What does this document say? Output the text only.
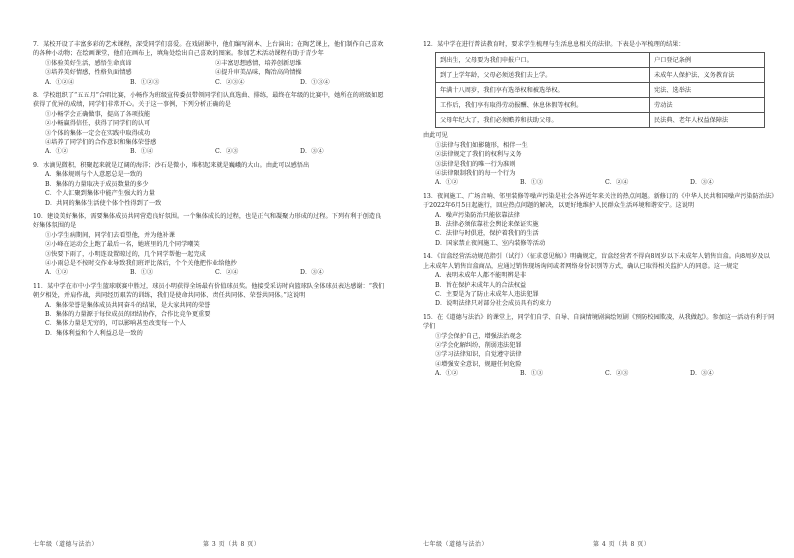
7．某校开设了丰富多彩的艺术课程，深受同学们喜爱。在戏剧课中，他们编写剧本、上台演出；在陶艺课上，他们制作自己喜欢的各种小动物；在绘画课堂，他们在画布上，填角处绘出自己喜欢的图案。参加艺术活动课程有助于青少年

①体验美好生活，感悟生命真谛	②丰富思想感情，培养创新思维
③培养美好情感，性格负面情感	④提升审美品味，陶冶高尚情操
A．①②④	B．①②③	C．②③④	D．①③④

8．学校组织了“五五月”合唱比赛，小畅作为班级宣传委员带领同学们认真选曲、排练，最终在年级的比赛中，她所在的班级如愿获得了优异的成绩，同学们非常开心。关于这一事例，下列分析正确的是

①小畅学会正确做事，提高了各项技能

②小畅赢得信任，获得了同学们的认可

③个体的集体一定会在实践中取得成功

④培养了同学们的合作意识和集体荣誉感

A．①②	B．①④	C．②③	D．③④

9．水滴见微积，积聚起来就是辽阔的海洋；沙石是微小，堆积起来就是巍峨的大山。由此可以感悟出

A．集体规则与个人意愿总是一致的

B．集体的力量取决于成员数量的多少

C．个人汇聚到集体中能产生强大的力量

D．共同的集体生活使个体个性得到了一致

10．建设美好集体，需要集体成员共同营造良好氛围。一个集体成长的过程，也是正气和凝聚力形成的过程。下列有利于创造良好集体氛围的是

①小学生病期间，同学们去看望他，并为他补课

②小峰在运动会上跑了最后一名，她班里的几个同学嘲笑

③快要下雨了，小明连设置晾过的，几个同学帮他一起完成

④小雨总是不按时交作业导致我们班评比落后，个个关他把作业给他抄

A．①②	B．①③	C．②④	D．③④

11．某中学在市中小学生篮球联赛中胜过，球员小明获得全场最有价值球员奖。他接受采访时向篮球队全体球员表达感谢：“我们朝夕相处，并肩作战，共同经历艰苦的训练，我们是使命共同体、责任共同体、荣誉共同体。”这说明

A．集体荣誉是集体成员共同奋斗的结果，是大家共同的荣誉

B．集体的力量源于每位成员的团结协作，合作比竞争更重要

C．集体力量是无穷的，可以影响甚至改变每一个人

D．集体利益和个人利益总是一致的

12．某中学在进行普法教育时，要求学生梳理与生活息息相关的法律。下表是小军梳理的结果：

到出生，父母要为我们申报户口。	户口登记条例
到了上学年龄，父母必须送我们去上学。	未成年人保护法、义务教育法
年满十八周岁，我们享有选举权和被选举权。	宪法、选举法
工作后，我们享有取得劳动报酬、休息休假等权利。	劳动法
父母年纪大了，我们必须赡养和扶助父母。	民法典、老年人权益保障法

由此可见

①法律与我们如影随形，相伴一生

②法律规定了我们的权利与义务

③法律是我们的唯一行为准则

④法律限制我们的每一个行为

A．①②	B．①③	C．②④	D．③④

13．夜间施工、广场音响、邻里装修等噪声污染是社会各界近年来关注的热点问题。新修订的《中华人民共和国噪声污染防治法》于2022年6月5日起施行，回应热点问题的解决，以更好地维护人民群众生活环境和谐安宁。这说明

A．噪声污染防治只能依靠法律

B．法律必须依靠社会舆论来保证实施

C．法律与时俱进，保护着我们的生活

D．国家禁止夜间施工、室内装修等活动

14．《盲盒经营活动规范指引（试行）（征求意见稿）》明确规定，盲盒经营者不得向8周岁以下未成年人销售盲盒。向8周岁及以上未成年人销售盲盒商品，应通过销售现场询问或者网络身份识别等方式，确认已取得相关监护人的同意。这一规定

A．表明未成年人都不能明辨是非

B．旨在保护未成年人的合法权益

C．主要是为了防止未成年人违法犯罪

D．说明法律只对部分社会成员具有约束力

15．在《道德与法治》的课堂上，同学们自学、自导、自演情境剧演绘短剧《预防校园欺凌，从我做起》。参加这一活动有利于同学们

①学会保护自己，增强法治观念

②学会化解纠纷，削弱违法犯罪

③学习法律知识，自觉遵守法律

④增强安全意识，规避任何危险

A．①②	B．①③	C．②③	D．③④
七年级（道德与法治）	第 3 页（共 8 页）	七年级（道德与法治）	第 4 页（共 8 页）
